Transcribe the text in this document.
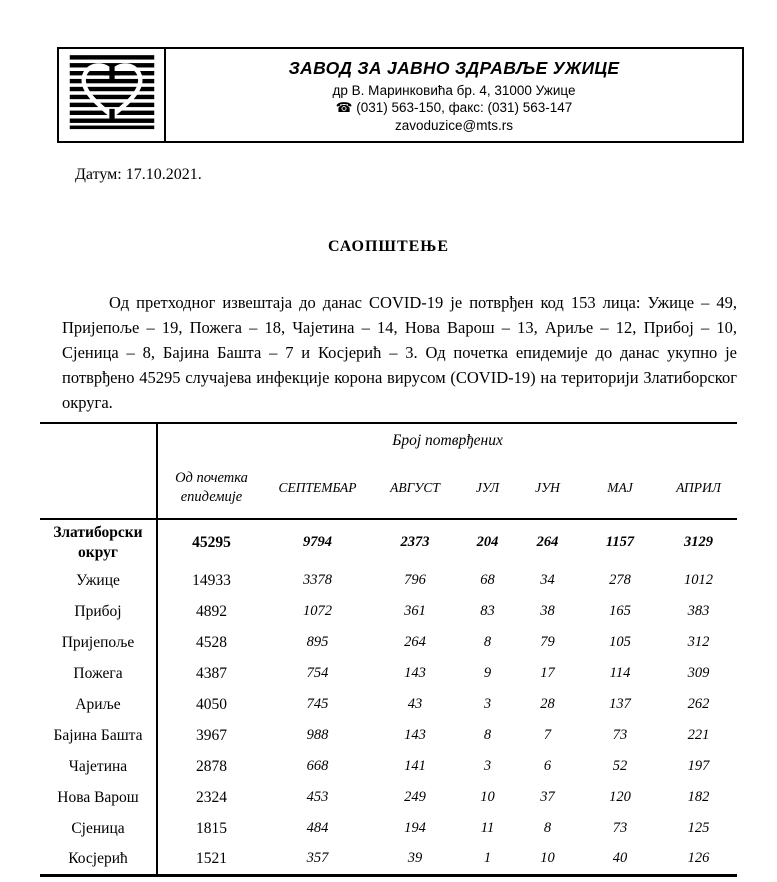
ЗАВОД ЗА ЈАВНО ЗДРАВЉЕ УЖИЦЕ
др В. Маринковића бр. 4, 31000 Ужице
☎ (031) 563-150, факс: (031) 563-147
zavoduzice@mts.rs
Датум: 17.10.2021.
САОПШТЕЊЕ
Од претходног извештаја до данас COVID-19 је потврђен код 153 лица: Ужице – 49, Пријепоље – 19, Пожега – 18, Чајетина – 14, Нова Варош – 13, Ариље – 12, Прибој – 10, Сјеница – 8, Бајина Башта – 7 и Косјерић – 3. Од почетка епидемије до данас укупно је потврђено 45295 случајева инфекције корона вирусом (COVID-19) на територији Златиборског округа.
	Број потврђених						
	Од почетка епидемије	СЕПТЕМБАР	АВГУСТ	ЈУЛ	ЈУН	МАЈ	АПРИЛ
Златиборски округ	45295	9794	2373	204	264	1157	3129
Ужице	14933	3378	796	68	34	278	1012
Прибој	4892	1072	361	83	38	165	383
Пријепоље	4528	895	264	8	79	105	312
Пожега	4387	754	143	9	17	114	309
Ариље	4050	745	43	3	28	137	262
Бајина Башта	3967	988	143	8	7	73	221
Чајетина	2878	668	141	3	6	52	197
Нова Варош	2324	453	249	10	37	120	182
Сјеница	1815	484	194	11	8	73	125
Косјерић	1521	357	39	1	10	40	126
